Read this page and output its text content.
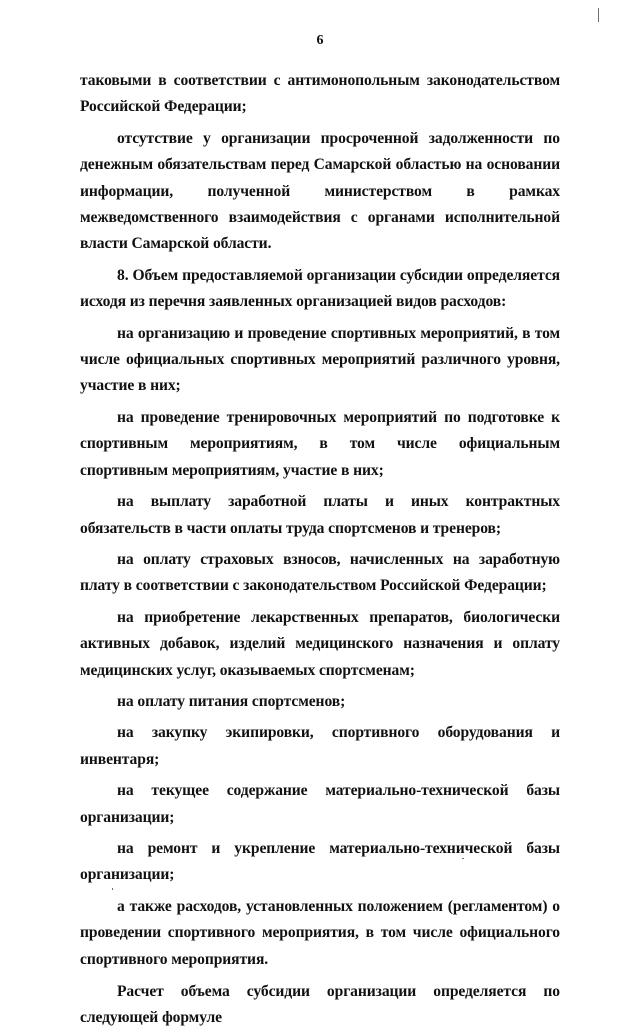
6

таковыми в соответствии с антимонопольным законодательством Российской Федерации;

отсутствие у организации просроченной задолженности по денежным обязательствам перед Самарской областью на основании информации, полученной министерством в рамках межведомственного взаимодействия с органами исполнительной власти Самарской области.

8. Объем предоставляемой организации субсидии определяется исходя из перечня заявленных организацией видов расходов:

на организацию и проведение спортивных мероприятий, в том числе официальных спортивных мероприятий различного уровня, участие в них;

на проведение тренировочных мероприятий по подготовке к спортивным мероприятиям, в том числе официальным спортивным мероприятиям, участие в них;

на выплату заработной платы и иных контрактных обязательств в части оплаты труда спортсменов и тренеров;

на оплату страховых взносов, начисленных на заработную плату в соответствии с законодательством Российской Федерации;

на приобретение лекарственных препаратов, биологически активных добавок, изделий медицинского назначения и оплату медицинских услуг, оказываемых спортсменам;

на оплату питания спортсменов;

на закупку экипировки, спортивного оборудования и инвентаря;

на текущее содержание материально-технической базы организации;

на ремонт и укрепление материально-технической базы организации;

а также расходов, установленных положением (регламентом) о проведении спортивного мероприятия, в том числе официального спортивного мероприятия.

Расчет объема субсидии организации определяется по следующей формуле
